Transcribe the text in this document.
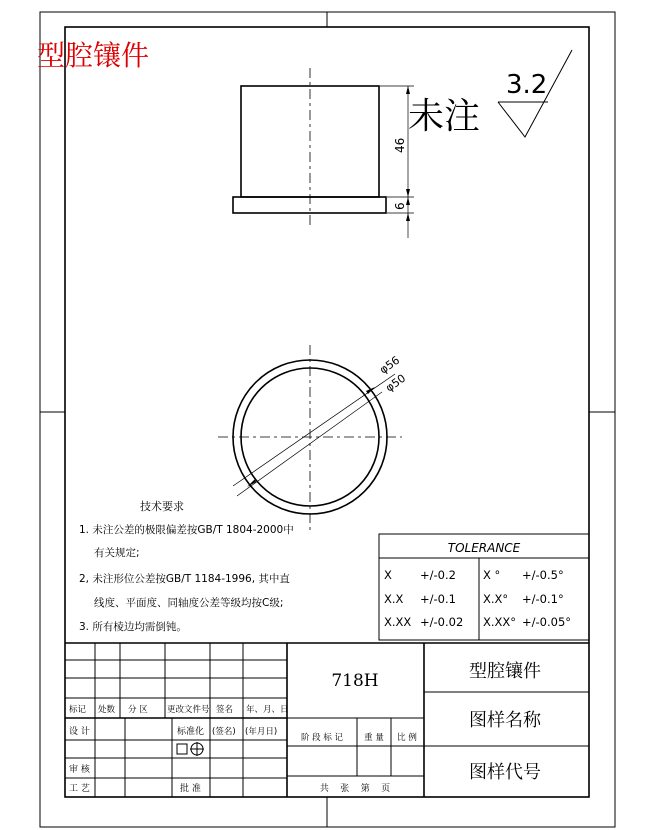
型腔镶件
未注
3.2
46
6
φ56
φ50
技术要求
1. 未注公差的极限偏差按GB/T 1804-2000中
有关规定;
2, 未注形位公差按GB/T 1184-1996, 其中直
线度、平面度、同轴度公差等级均按C级;
3. 所有棱边均需倒钝。
TOLERANCE
X +/-0.2 X ° +/-0.5°
X.X +/-0.1 X.X° +/-0.1°
X.XX +/-0.02 X.XX° +/-0.05°
标记 处数 分 区 更改文件号 签名 年、月、日
设 计	标准化 (签名) (年月日)
审 核
工 艺	批 准
718H
阶 段 标 记 重 量 比 例
共    张    第    页
型腔镶件
图样名称
图样代号
